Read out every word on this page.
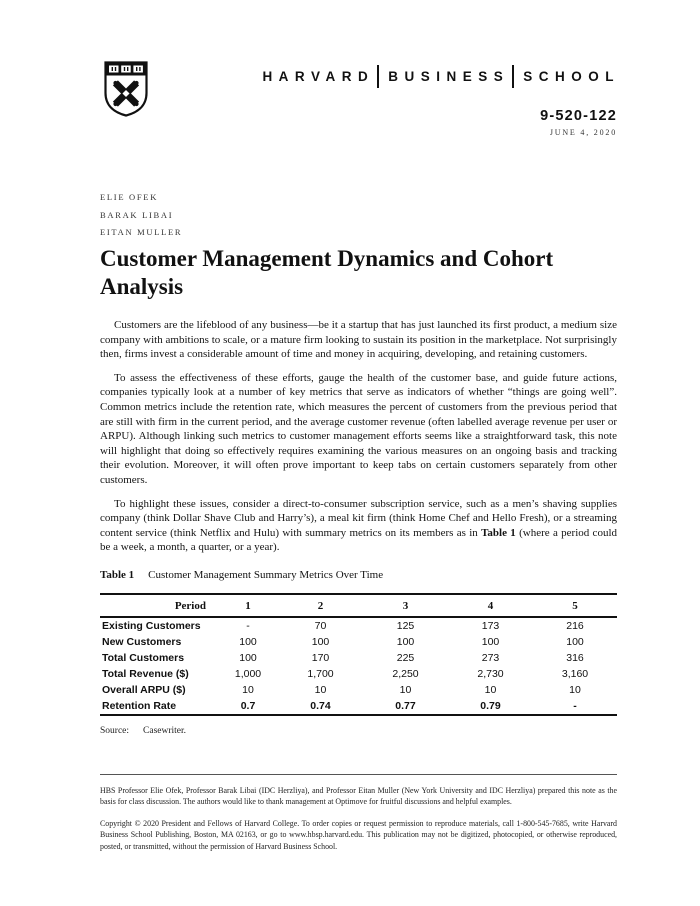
HARVARD BUSINESS SCHOOL
9-520-122
JUNE 4, 2020
ELIE OFEK
BARAK LIBAI
EITAN MULLER
Customer Management Dynamics and Cohort Analysis

Customers are the lifeblood of any business—be it a startup that has just launched its first product, a medium size company with ambitions to scale, or a mature firm looking to sustain its position in the marketplace. Not surprisingly then, firms invest a considerable amount of time and money in acquiring, developing, and retaining customers.

To assess the effectiveness of these efforts, gauge the health of the customer base, and guide future actions, companies typically look at a number of key metrics that serve as indicators of whether “things are going well”. Common metrics include the retention rate, which measures the percent of customers from the previous period that are still with firm in the current period, and the average customer revenue (often labelled average revenue per user or ARPU). Although linking such metrics to customer management efforts seems like a straightforward task, this note will highlight that doing so effectively requires examining the various measures on an ongoing basis and tracking their evolution. Moreover, it will often prove important to keep tabs on certain customers separately from other customers.

To highlight these issues, consider a direct-to-consumer subscription service, such as a men’s shaving supplies company (think Dollar Shave Club and Harry’s), a meal kit firm (think Home Chef and Hello Fresh), or a streaming content service (think Netflix and Hulu) with summary metrics on its members as in Table 1 (where a period could be a week, a month, a quarter, or a year).

Table 1 Customer Management Summary Metrics Over Time
Period	1	2	3	4	5
Existing Customers	-	70	125	173	216
New Customers	100	100	100	100	100
Total Customers	100	170	225	273	316
Total Revenue ($)	1,000	1,700	2,250	2,730	3,160
Overall ARPU ($)	10	10	10	10	10
Retention Rate	0.7	0.74	0.77	0.79	-
Source: Casewriter.

HBS Professor Elie Ofek, Professor Barak Libai (IDC Herzliya), and Professor Eitan Muller (New York University and IDC Herzliya) prepared this note as the basis for class discussion. The authors would like to thank management at Optimove for fruitful discussions and helpful examples.

Copyright © 2020 President and Fellows of Harvard College. To order copies or request permission to reproduce materials, call 1-800-545-7685, write Harvard Business School Publishing, Boston, MA 02163, or go to www.hbsp.harvard.edu. This publication may not be digitized, photocopied, or otherwise reproduced, posted, or transmitted, without the permission of Harvard Business School.
